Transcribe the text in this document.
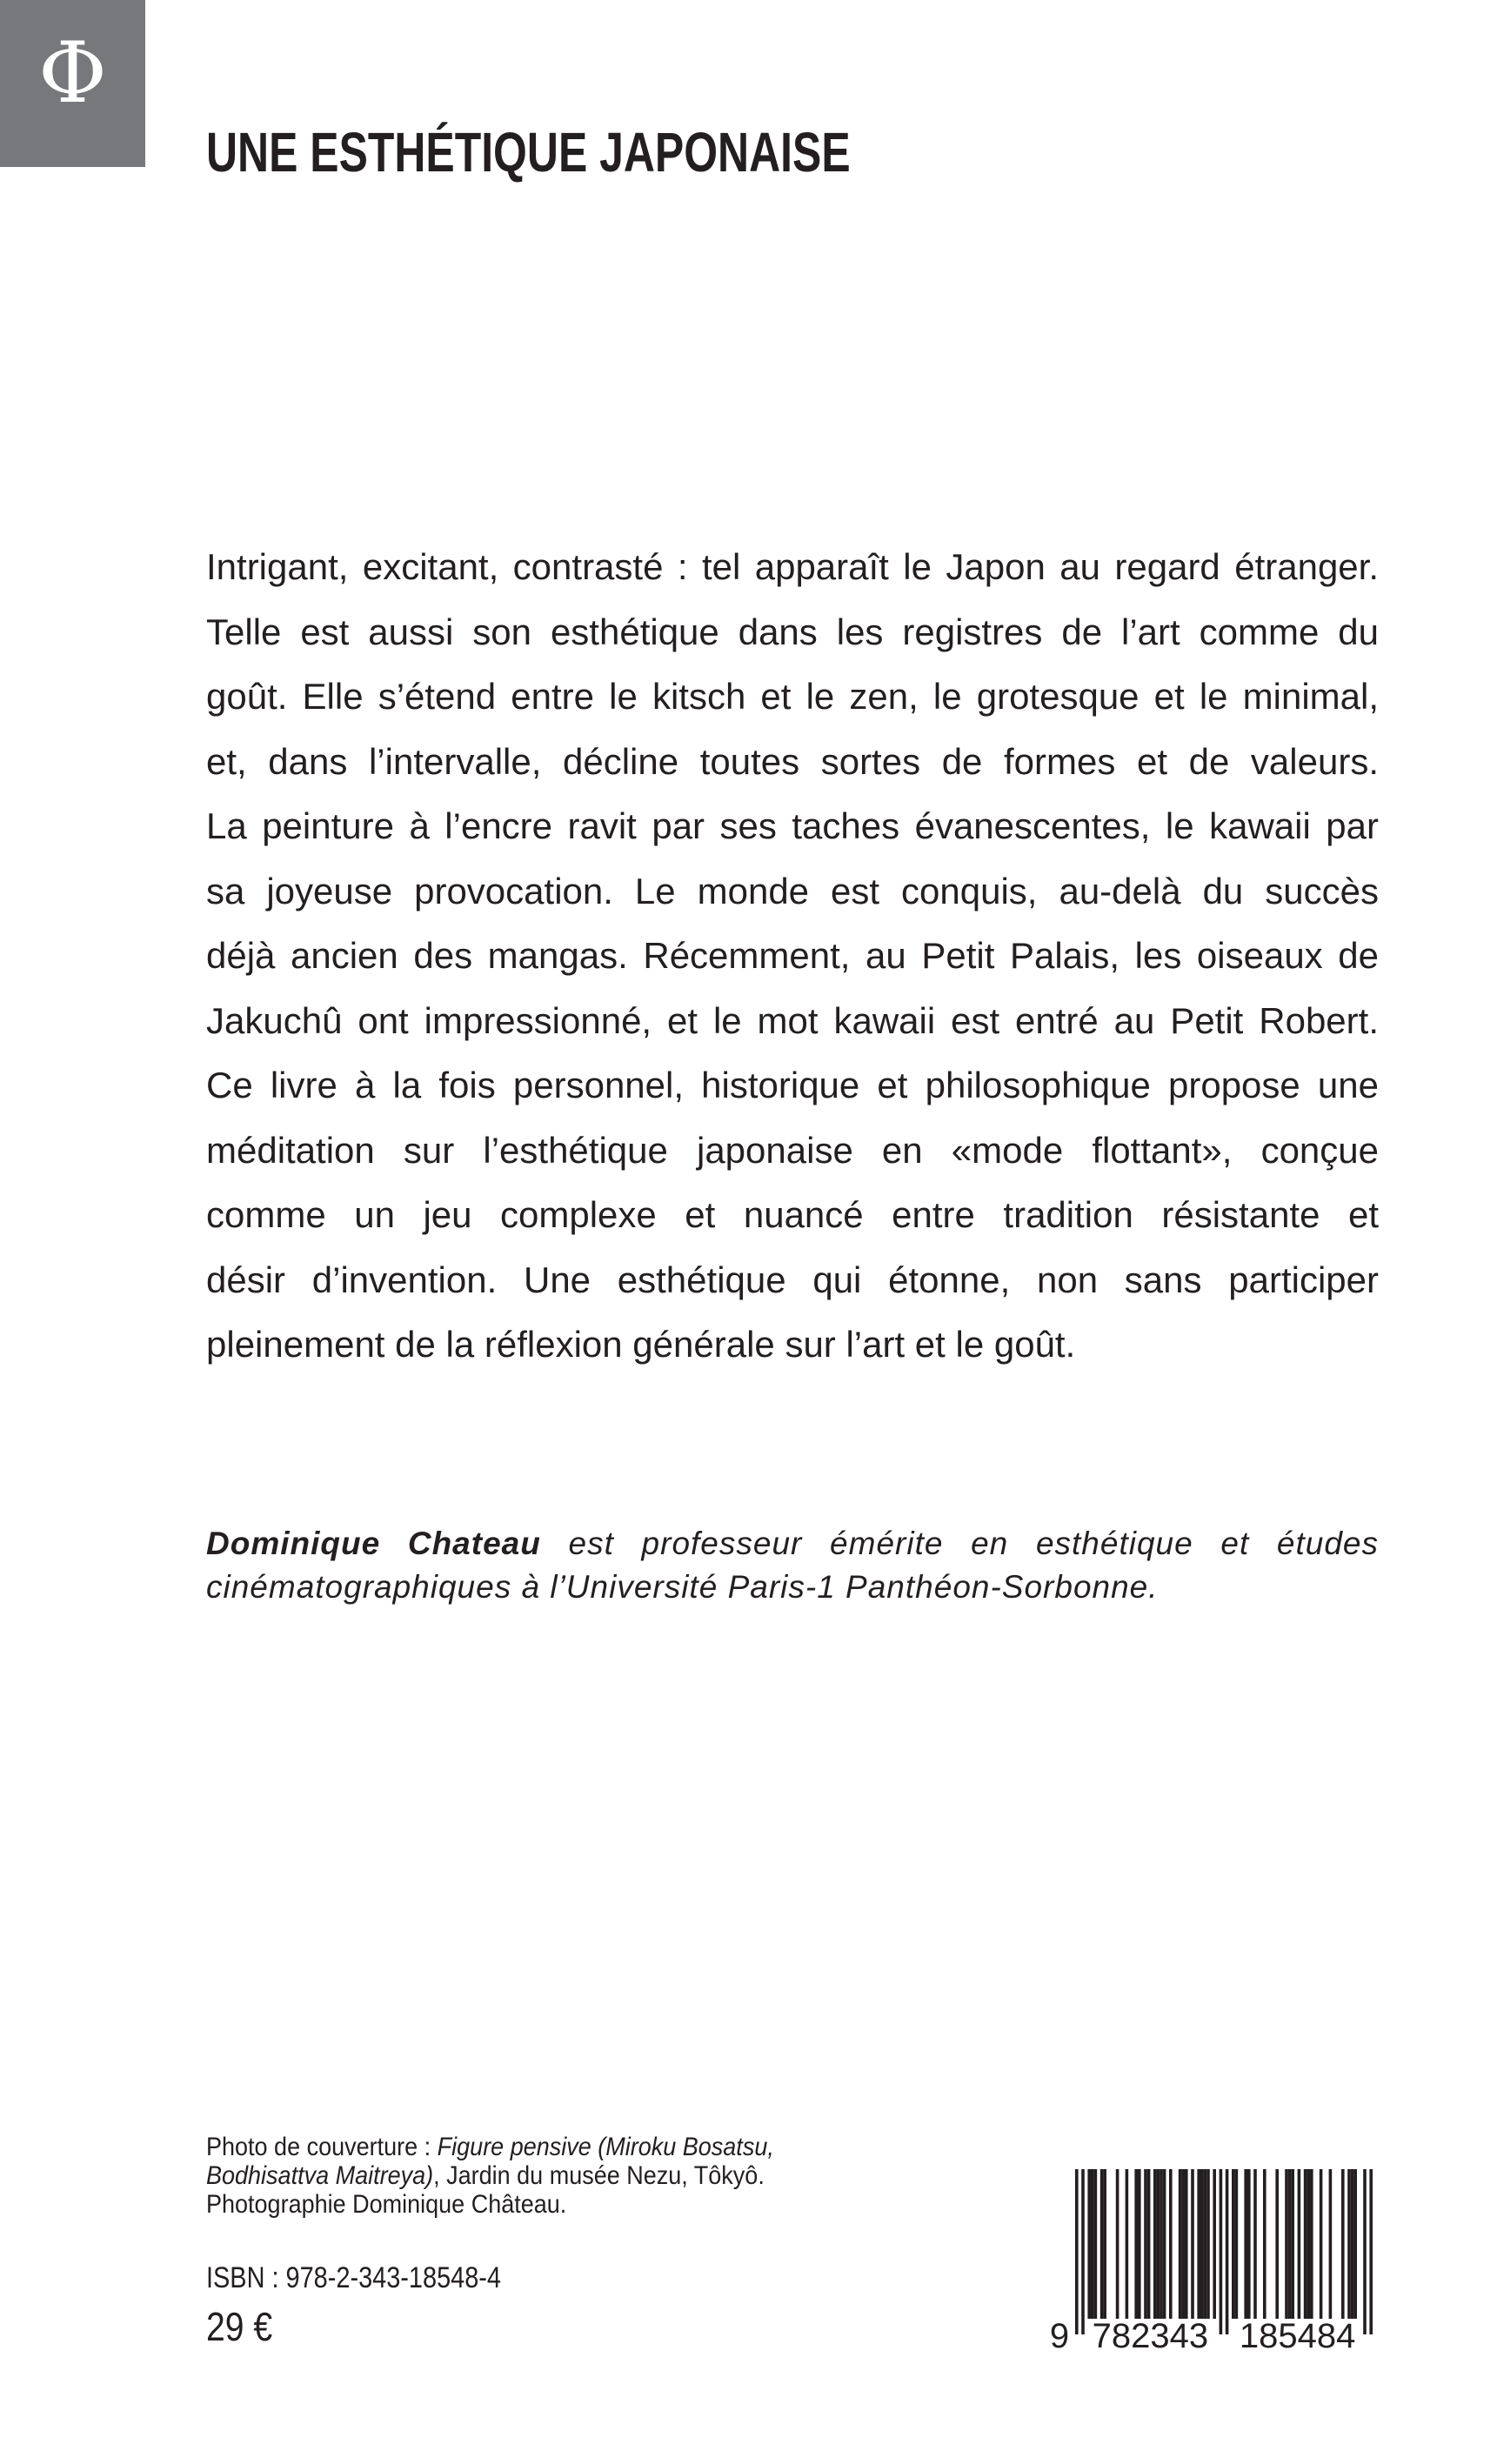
Φ
UNE ESTHÉTIQUE JAPONAISE
Intrigant, excitant, contrasté : tel apparaît le Japon au regard étranger.
Telle est aussi son esthétique dans les registres de l’art comme du
goût. Elle s’étend entre le kitsch et le zen, le grotesque et le minimal,
et, dans l’intervalle, décline toutes sortes de formes et de valeurs.
La peinture à l’encre ravit par ses taches évanescentes, le kawaii par
sa joyeuse provocation. Le monde est conquis, au-delà du succès
déjà ancien des mangas. Récemment, au Petit Palais, les oiseaux de
Jakuchû ont impressionné, et le mot kawaii est entré au Petit Robert.
Ce livre à la fois personnel, historique et philosophique propose une
méditation sur l’esthétique japonaise en «mode flottant», conçue
comme un jeu complexe et nuancé entre tradition résistante et
désir d’invention. Une esthétique qui étonne, non sans participer
pleinement de la réflexion générale sur l’art et le goût.
Dominique Chateau est professeur émérite en esthétique et études
cinématographiques à l’Université Paris-1 Panthéon-Sorbonne.
Photo de couverture : Figure pensive (Miroku Bosatsu,
Bodhisattva Maitreya), Jardin du musée Nezu, Tôkyô.
Photographie Dominique Château.
ISBN : 978-2-343-18548-4
29 €	9 782343 185484
